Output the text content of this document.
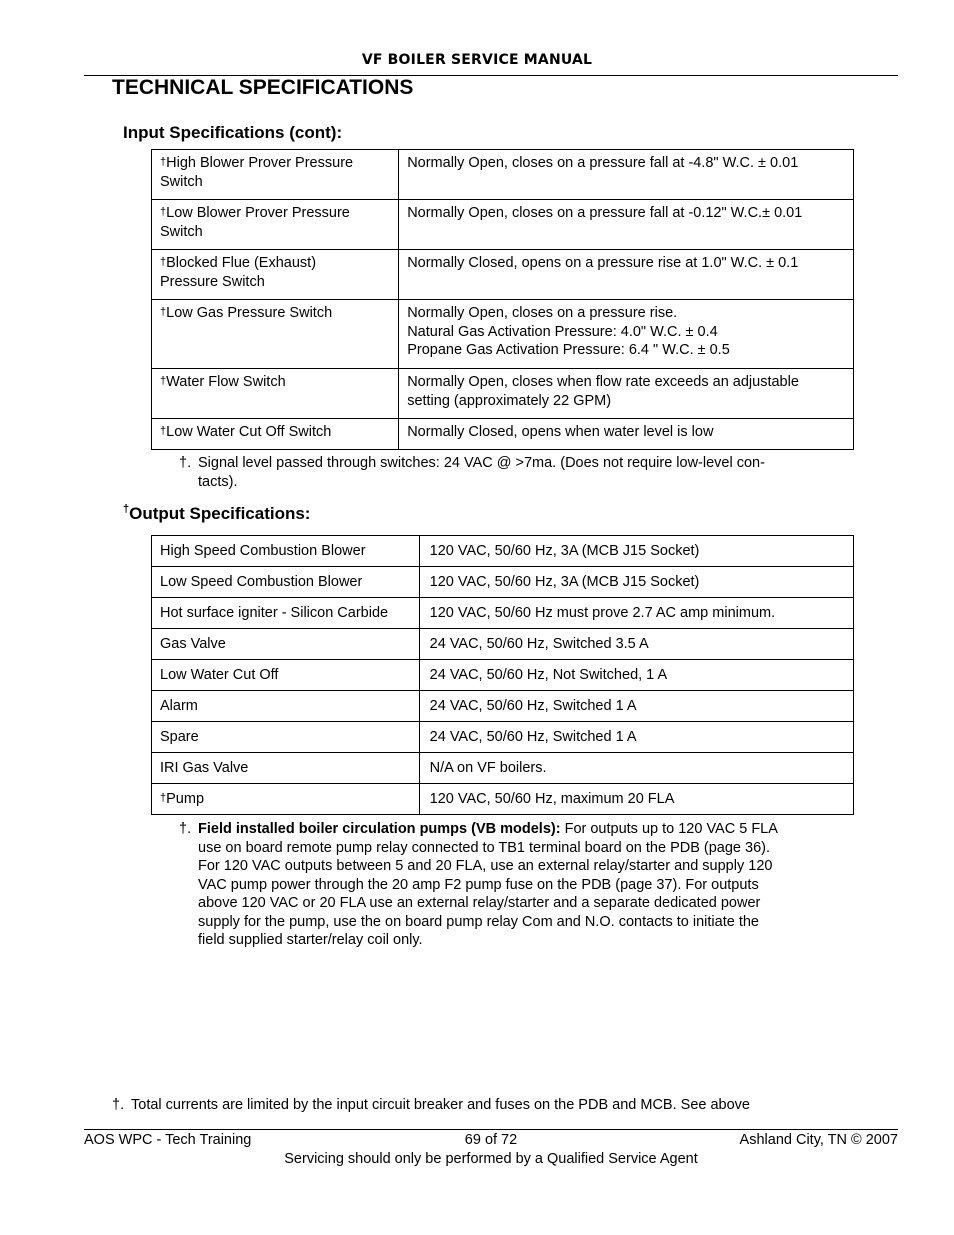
VF BOILER SERVICE MANUAL
TECHNICAL SPECIFICATIONS
Input Specifications (cont):
†High Blower Prover Pressure
Switch	Normally Open, closes on a pressure fall at -4.8" W.C. ± 0.01

†Low Blower Prover Pressure
Switch	Normally Open, closes on a pressure fall at -0.12" W.C.± 0.01

†Blocked Flue (Exhaust)
Pressure Switch	Normally Closed, opens on a pressure rise at 1.0" W.C. ± 0.1

†Low Gas Pressure Switch	Normally Open, closes on a pressure rise.
Natural Gas Activation Pressure: 4.0" W.C. ± 0.4
Propane Gas Activation Pressure: 6.4 " W.C. ± 0.5

†Water Flow Switch	Normally Open, closes when flow rate exceeds an adjustable
setting (approximately 22 GPM)

†Low Water Cut Off Switch	Normally Closed, opens when water level is low
†. Signal level passed through switches: 24 VAC @ >7ma. (Does not require low-level con-
tacts).
†Output Specifications:
High Speed Combustion Blower	120 VAC, 50/60 Hz, 3A (MCB J15 Socket)
Low Speed Combustion Blower	120 VAC, 50/60 Hz, 3A (MCB J15 Socket)
Hot surface igniter - Silicon Carbide	120 VAC, 50/60 Hz must prove 2.7 AC amp minimum.
Gas Valve	24 VAC, 50/60 Hz, Switched 3.5 A
Low Water Cut Off	24 VAC, 50/60 Hz, Not Switched, 1 A
Alarm	24 VAC, 50/60 Hz, Switched 1 A
Spare	24 VAC, 50/60 Hz, Switched 1 A
IRI Gas Valve	N/A on VF boilers.
†Pump	120 VAC, 50/60 Hz, maximum 20 FLA
†. Field installed boiler circulation pumps (VB models): For outputs up to 120 VAC 5 FLA
use on board remote pump relay connected to TB1 terminal board on the PDB (page 36).
For 120 VAC outputs between 5 and 20 FLA, use an external relay/starter and supply 120
VAC pump power through the 20 amp F2 pump fuse on the PDB (page 37). For outputs
above 120 VAC or 20 FLA use an external relay/starter and a separate dedicated power
supply for the pump, use the on board pump relay Com and N.O. contacts to initiate the
field supplied starter/relay coil only.
†. Total currents are limited by the input circuit breaker and fuses on the PDB and MCB. See above
AOS WPC - Tech Training	69 of 72	Ashland City, TN © 2007
Servicing should only be performed by a Qualified Service Agent
